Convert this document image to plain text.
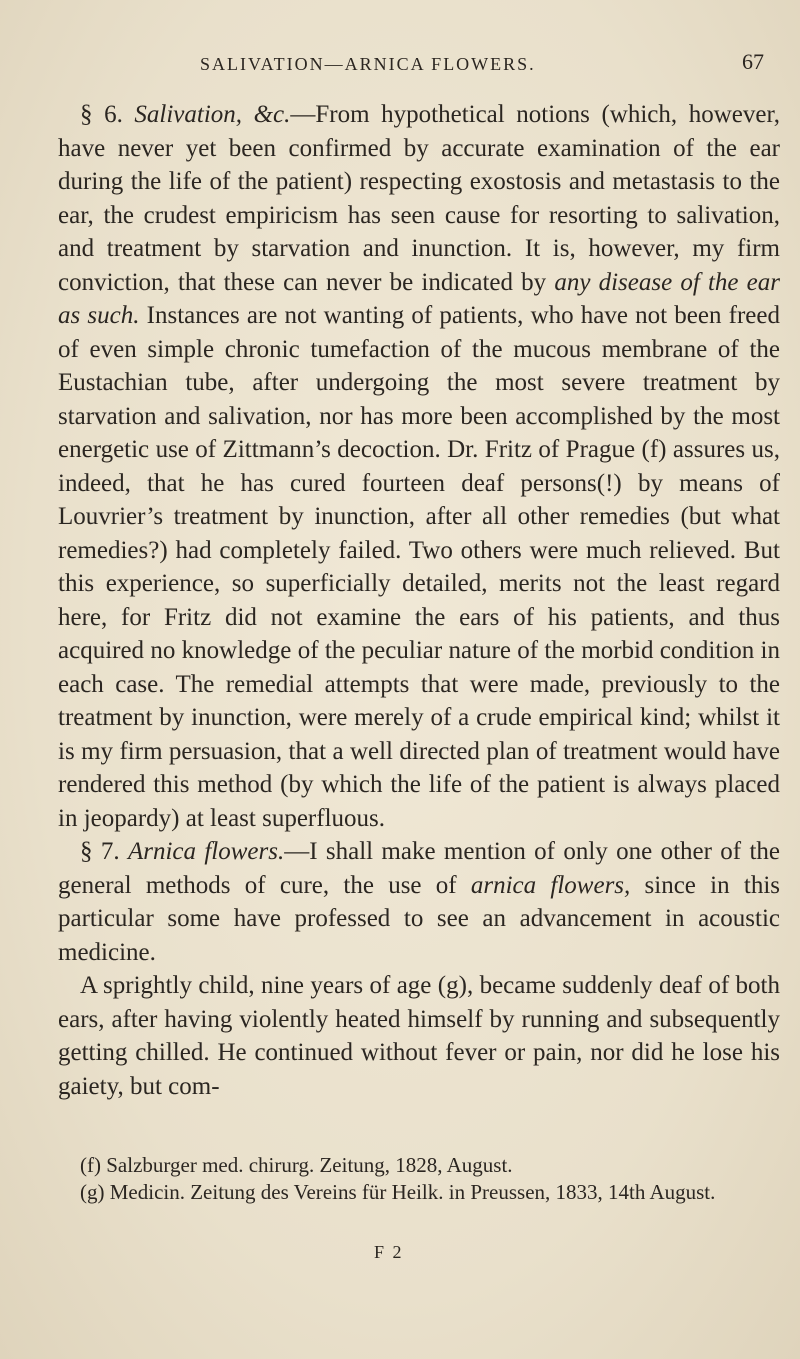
SALIVATION—ARNICA FLOWERS.	67

§ 6. Salivation, &c.—From hypothetical notions (which, however, have never yet been confirmed by accurate examination of the ear during the life of the patient) respecting exostosis and metastasis to the ear, the crudest empiricism has seen cause for resorting to salivation, and treatment by starvation and inunction. It is, however, my firm conviction, that these can never be indicated by any disease of the ear as such. Instances are not wanting of patients, who have not been freed of even simple chronic tumefaction of the mucous membrane of the Eustachian tube, after undergoing the most severe treatment by starvation and salivation, nor has more been accomplished by the most energetic use of Zittmann’s decoction. Dr. Fritz of Prague (f) assures us, indeed, that he has cured fourteen deaf persons(!) by means of Louvrier’s treatment by inunction, after all other remedies (but what remedies?) had completely failed. Two others were much relieved. But this experience, so superficially detailed, merits not the least regard here, for Fritz did not examine the ears of his patients, and thus acquired no knowledge of the peculiar nature of the morbid condition in each case. The remedial attempts that were made, previously to the treatment by inunction, were merely of a crude empirical kind; whilst it is my firm persuasion, that a well directed plan of treatment would have rendered this method (by which the life of the patient is always placed in jeopardy) at least superfluous.

§ 7. Arnica flowers.—I shall make mention of only one other of the general methods of cure, the use of arnica flowers, since in this particular some have professed to see an advancement in acoustic medicine.

A sprightly child, nine years of age (g), became suddenly deaf of both ears, after having violently heated himself by running and subsequently getting chilled. He continued without fever or pain, nor did he lose his gaiety, but com-

(f) Salzburger med. chirurg. Zeitung, 1828, August.

(g) Medicin. Zeitung des Vereins für Heilk. in Preussen, 1833, 14th August.

F 2
